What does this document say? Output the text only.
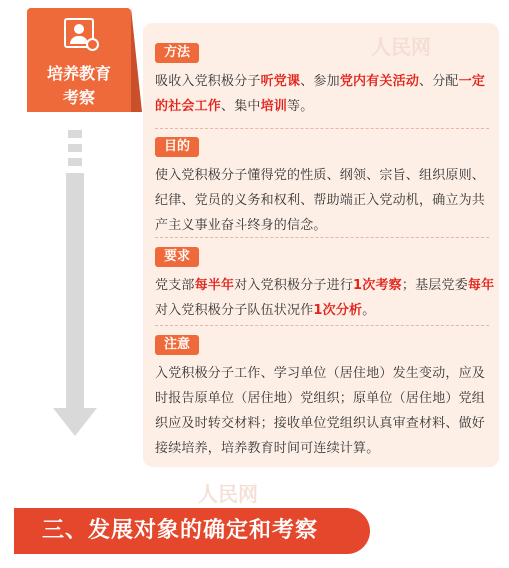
培养教育
考察
人民网
方法
吸收入党积极分子听党课、参加党内有关活动、分配一定的社会工作、集中培训等。
目的
使入党积极分子懂得党的性质、纲领、宗旨、组织原则、纪律、党员的义务和权利、帮助端正入党动机，确立为共产主义事业奋斗终身的信念。
要求
党支部每半年对入党积极分子进行1次考察；基层党委每年对入党积极分子队伍状况作1次分析。
注意
入党积极分子工作、学习单位（居住地）发生变动，应及时报告原单位（居住地）党组织；原单位（居住地）党组织应及时转交材料；接收单位党组织认真审查材料、做好接续培养，培养教育时间可连续计算。
人民网
三、发展对象的确定和考察
